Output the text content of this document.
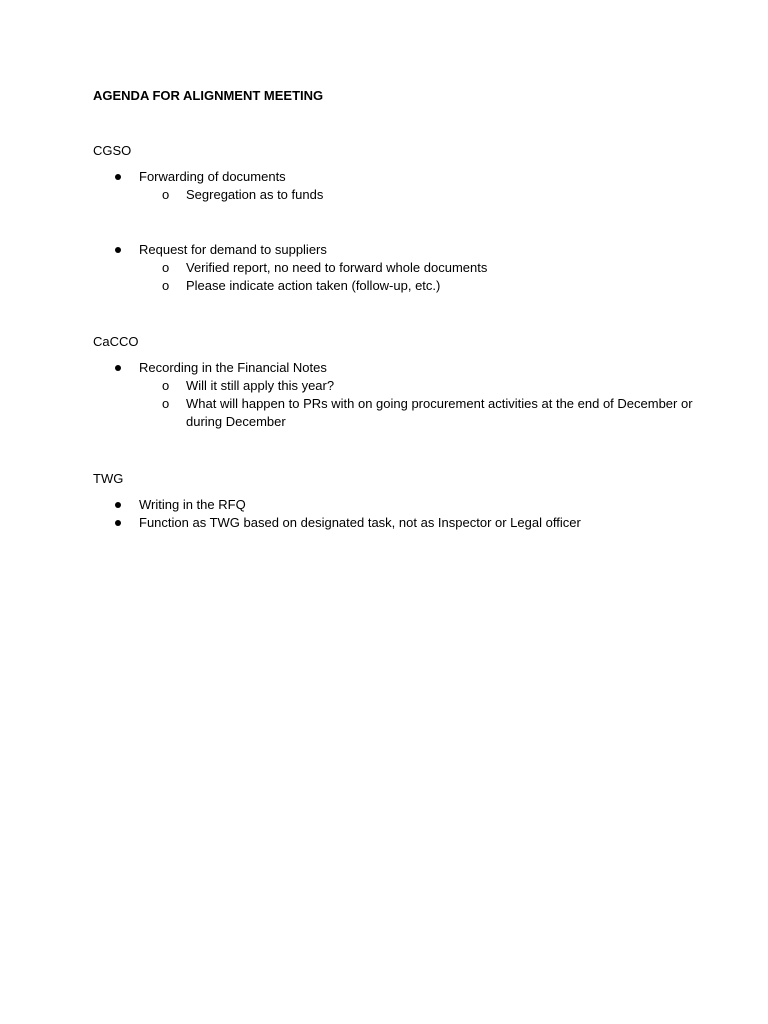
AGENDA FOR ALIGNMENT MEETING
CGSO
Forwarding of documents
o Segregation as to funds
Request for demand to suppliers
o Verified report, no need to forward whole documents
o Please indicate action taken (follow-up, etc.)
CaCCO
Recording in the Financial Notes
o Will it still apply this year?
o What will happen to PRs with on going procurement activities at the end of December or during December
TWG
Writing in the RFQ
Function as TWG based on designated task, not as Inspector or Legal officer
